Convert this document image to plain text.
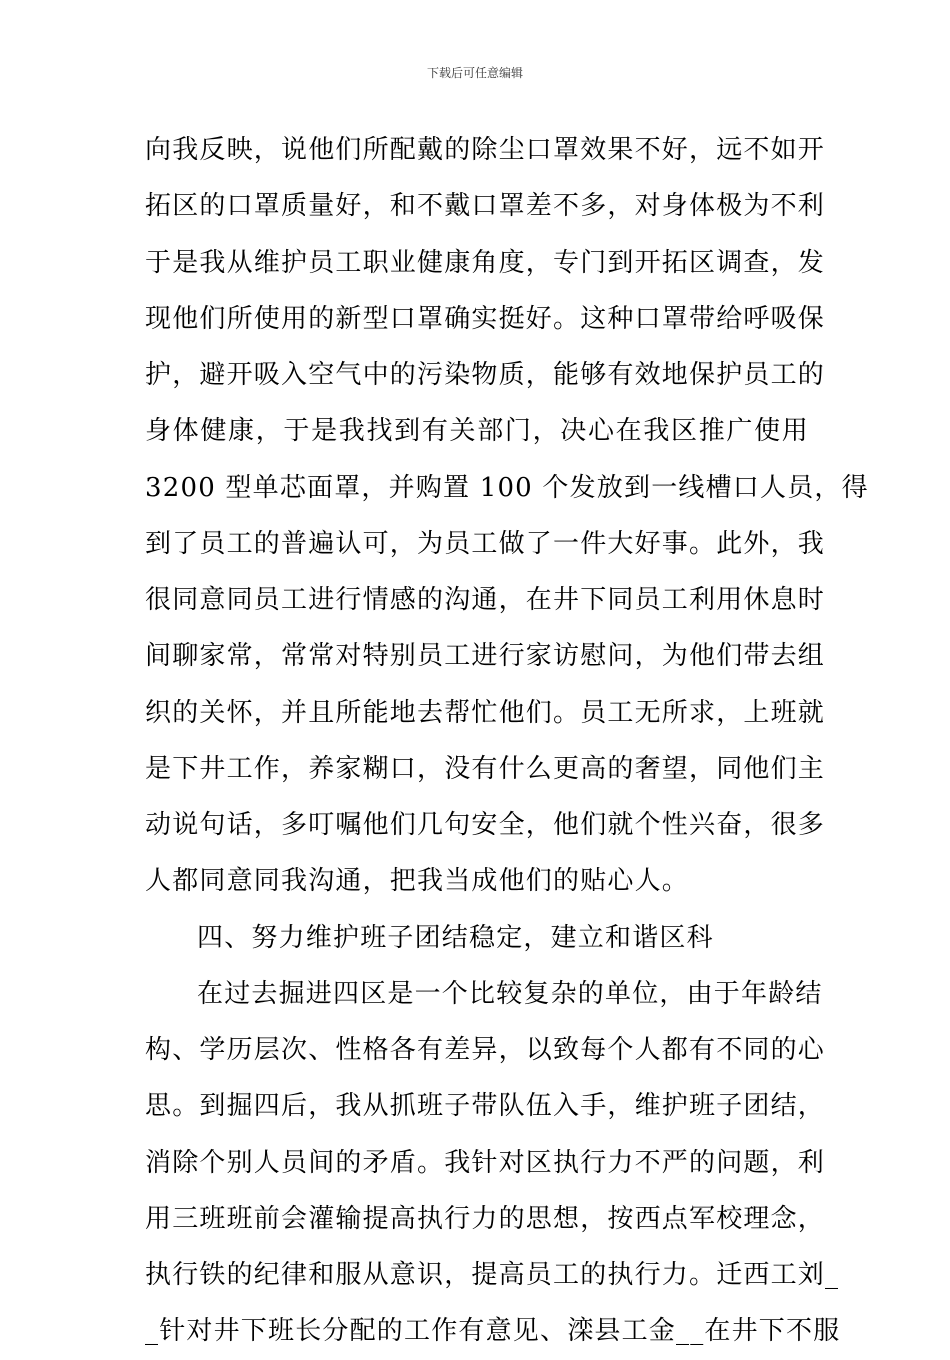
下载后可任意编辑
向我反映，说他们所配戴的除尘口罩效果不好，远不如开
拓区的口罩质量好，和不戴口罩差不多，对身体极为不利
于是我从维护员工职业健康角度，专门到开拓区调查，发
现他们所使用的新型口罩确实挺好。这种口罩带给呼吸保
护，避开吸入空气中的污染物质，能够有效地保护员工的
身体健康，于是我找到有关部门，决心在我区推广使用
3200 型单芯面罩，并购置 100 个发放到一线槽口人员，得
到了员工的普遍认可，为员工做了一件大好事。此外，我
很同意同员工进行情感的沟通，在井下同员工利用休息时
间聊家常，常常对特别员工进行家访慰问，为他们带去组
织的关怀，并且所能地去帮忙他们。员工无所求，上班就
是下井工作，养家糊口，没有什么更高的奢望，同他们主
动说句话，多叮嘱他们几句安全，他们就个性兴奋，很多
人都同意同我沟通，把我当成他们的贴心人。
四、努力维护班子团结稳定，建立和谐区科
在过去掘进四区是一个比较复杂的单位，由于年龄结
构、学历层次、性格各有差异，以致每个人都有不同的心
思。到掘四后，我从抓班子带队伍入手，维护班子团结，
消除个别人员间的矛盾。我针对区执行力不严的问题，利
用三班班前会灌输提高执行力的思想，按西点军校理念，
执行铁的纪律和服从意识，提高员工的执行力。迁西工刘_
_针对井下班长分配的工作有意见、滦县工金__在井下不服
